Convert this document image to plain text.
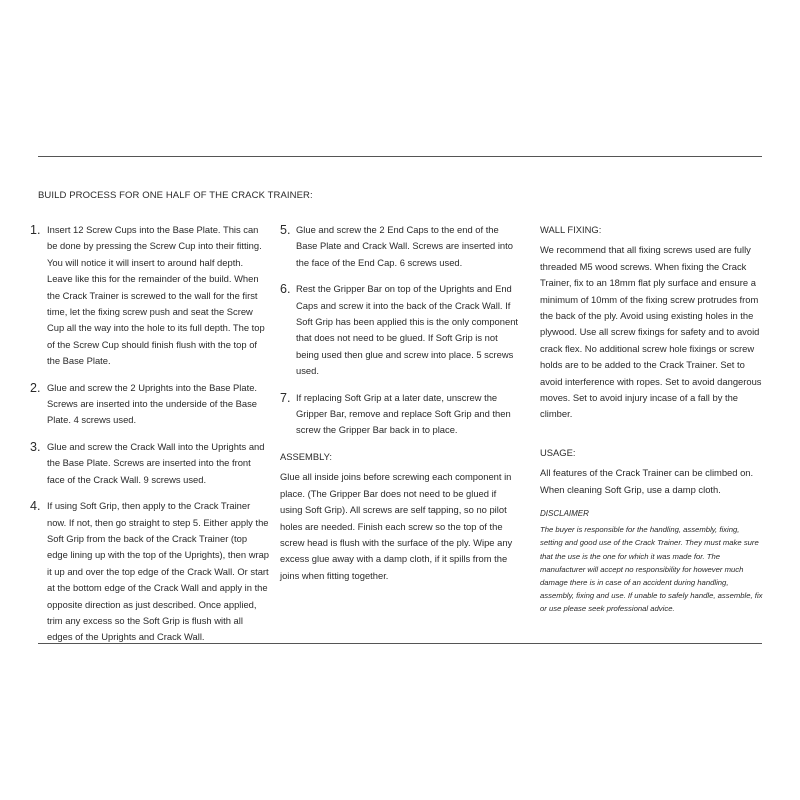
BUILD PROCESS FOR ONE HALF OF THE CRACK TRAINER:
1. Insert 12 Screw Cups into the Base Plate. This can be done by pressing the Screw Cup into their fitting. You will notice it will insert to around half depth. Leave like this for the remainder of the build. When the Crack Trainer is screwed to the wall for the first time, let the fixing screw push and seat the Screw Cup all the way into the hole to its full depth. The top of the Screw Cup should finish flush with the top of the Base Plate.
2. Glue and screw the 2 Uprights into the Base Plate. Screws are inserted into the underside of the Base Plate. 4 screws used.
3. Glue and screw the Crack Wall into the Uprights and the Base Plate. Screws are inserted into the front face of the Crack Wall. 9 screws used.
4. If using Soft Grip, then apply to the Crack Trainer now. If not, then go straight to step 5. Either apply the Soft Grip from the back of the Crack Trainer (top edge lining up with the top of the Uprights), then wrap it up and over the top edge of the Crack Wall. Or start at the bottom edge of the Crack Wall and apply in the opposite direction as just described. Once applied, trim any excess so the Soft Grip is flush with all edges of the Uprights and Crack Wall.
5. Glue and screw the 2 End Caps to the end of the Base Plate and Crack Wall. Screws are inserted into the face of the End Cap. 6 screws used.
6. Rest the Gripper Bar on top of the Uprights and End Caps and screw it into the back of the Crack Wall. If Soft Grip has been applied this is the only component that does not need to be glued. If Soft Grip is not being used then glue and screw into place. 5 screws used.
7. If replacing Soft Grip at a later date, unscrew the Gripper Bar, remove and replace Soft Grip and then screw the Gripper Bar back in to place.
ASSEMBLY:
Glue all inside joins before screwing each component in place. (The Gripper Bar does not need to be glued if using Soft Grip). All screws are self tapping, so no pilot holes are needed. Finish each screw so the top of the screw head is flush with the surface of the ply. Wipe any excess glue away with a damp cloth, if it spills from the joins when fitting together.
WALL FIXING:
We recommend that all fixing screws used are fully threaded M5 wood screws. When fixing the Crack Trainer, fix to an 18mm flat ply surface and ensure a minimum of 10mm of the fixing screw protrudes from the back of the ply. Avoid using existing holes in the plywood. Use all screw fixings for safety and to avoid crack flex. No additional screw hole fixings or screw holds are to be added to the Crack Trainer. Set to avoid interference with ropes. Set to avoid dangerous moves. Set to avoid injury incase of a fall by the climber.
USAGE:
All features of the Crack Trainer can be climbed on. When cleaning Soft Grip, use a damp cloth.
DISCLAIMER
The buyer is responsible for the handling, assembly, fixing, setting and good use of the Crack Trainer. They must make sure that the use is the one for which it was made for. The manufacturer will accept no responsibility for however much damage there is in case of an accident during handling, assembly, fixing and use. If unable to safely handle, assemble, fix or use please seek professional advice.
